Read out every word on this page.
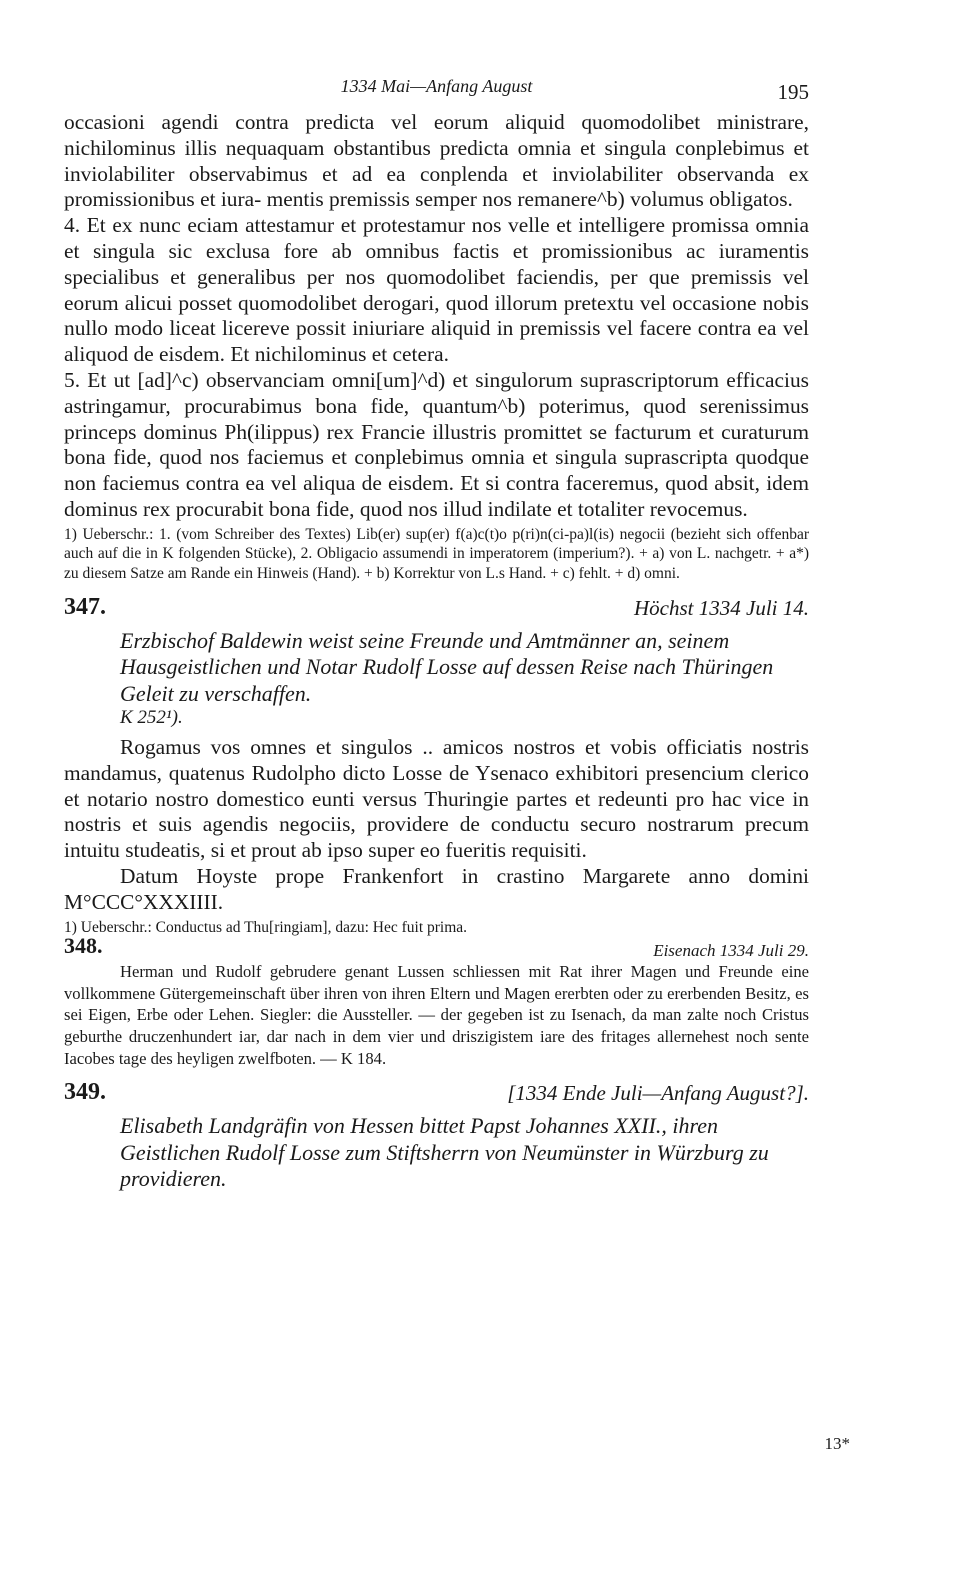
1334 Mai—Anfang August	195

occasioni agendi contra predicta vel eorum aliquid quomodolibet ministrare, nichilominus illis nequaquam obstantibus predicta omnia et singula conplebimus et inviolabiliter observabimus et ad ea conplenda et inviolabiliter observanda ex promissionibus et iura- mentis premissis semper nos remanere^b) volumus obligatos.

4. Et ex nunc eciam attestamur et protestamur nos velle et intelligere promissa omnia et singula sic exclusa fore ab omnibus factis et promissionibus ac iuramentis specialibus et generalibus per nos quomodolibet faciendis, per que premissis vel eorum alicui posset quomodolibet derogari, quod illorum pretextu vel occasione nobis nullo modo liceat licereve possit iniuriare aliquid in premissis vel facere contra ea vel aliquod de eisdem. Et nichilominus et cetera.

5. Et ut [ad]^c) observanciam omni[um]^d) et singulorum suprascriptorum efficacius astringamur, procurabimus bona fide, quantum^b) poterimus, quod serenissimus princeps dominus Ph(ilippus) rex Francie illustris promittet se facturum et curaturum bona fide, quod nos faciemus et conplebimus omnia et singula suprascripta quodque non faciemus contra ea vel aliqua de eisdem. Et si contra faceremus, quod absit, idem dominus rex procurabit bona fide, quod nos illud indilate et totaliter revocemus.

1) Ueberschr.: 1. (vom Schreiber des Textes) Lib(er) sup(er) f(a)c(t)o p(ri)n(ci-pa)l(is) negocii (bezieht sich offenbar auch auf die in K folgenden Stücke), 2. Obligacio assumendi in imperatorem (imperium?). + a) von L. nachgetr. + a*) zu diesem Satze am Rande ein Hinweis (Hand). + b) Korrektur von L.s Hand. + c) fehlt. + d) omni.

347.	Höchst 1334 Juli 14.

Erzbischof Baldewin weist seine Freunde und Amtmänner an, seinem Hausgeistlichen und Notar Rudolf Losse auf dessen Reise nach Thüringen Geleit zu verschaffen.

K 252¹).

Rogamus vos omnes et singulos .. amicos nostros et vobis officiatis nostris mandamus, quatenus Rudolpho dicto Losse de Ysenaco exhibitori presencium clerico et notario nostro domestico eunti versus Thuringie partes et redeunti pro hac vice in nostris et suis agendis negociis, providere de conductu securo nostrarum precum intuitu studeatis, si et prout ab ipso super eo fueritis requisiti.

Datum Hoyste prope Frankenfort in crastino Margarete anno domini M°CCC°XXXIIII.

1) Ueberschr.: Conductus ad Thu[ringiam], dazu: Hec fuit prima.

348.	Eisenach 1334 Juli 29.

Herman und Rudolf gebrudere genant Lussen schliessen mit Rat ihrer Magen und Freunde eine vollkommene Gütergemeinschaft über ihren von ihren Eltern und Magen ererbten oder zu ererbenden Besitz, es sei Eigen, Erbe oder Lehen. Siegler: die Aussteller. — der gegeben ist zu Isenach, da man zalte noch Cristus geburthe druczenhundert iar, dar nach in dem vier und driszigistem iare des fritages allernehest noch sente Iacobes tage des heyligen zwelfboten. — K 184.

349.	[1334 Ende Juli—Anfang August?].

Elisabeth Landgräfin von Hessen bittet Papst Johannes XXII., ihren Geistlichen Rudolf Losse zum Stiftsherrn von Neumünster in Würzburg zu providieren.

13*
